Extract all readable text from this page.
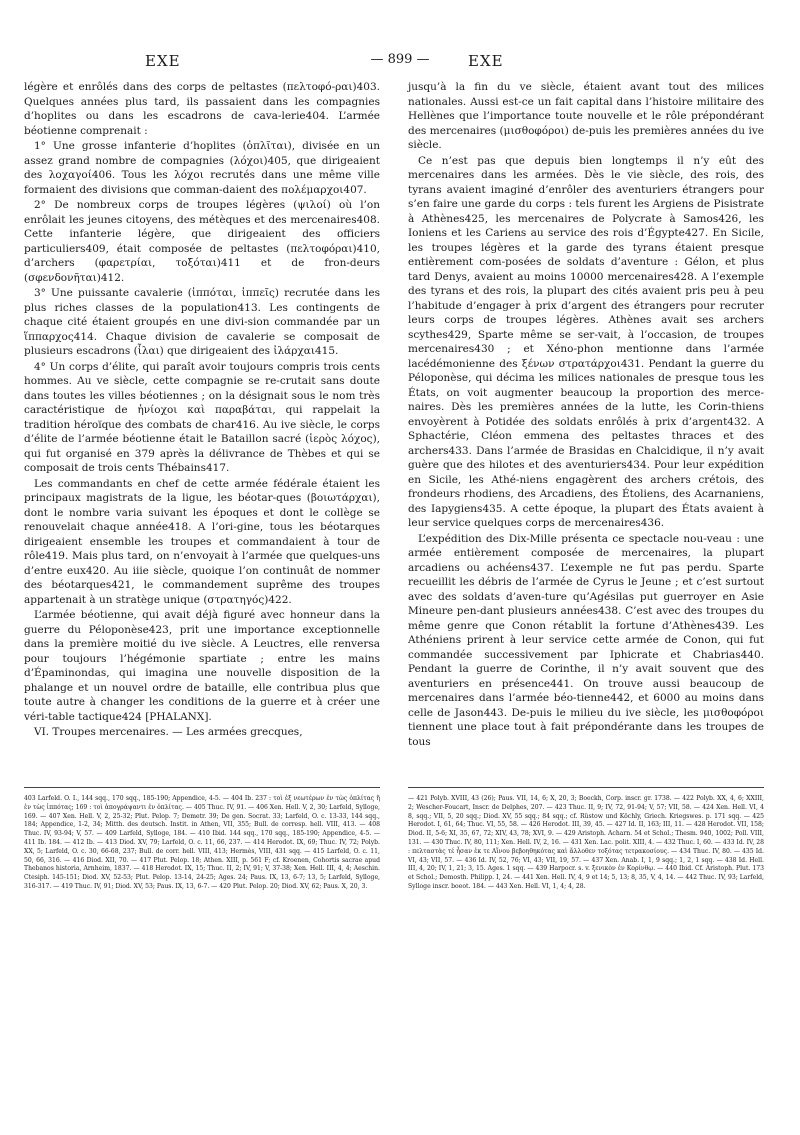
EXE	— 899 —	EXE

légère et enrôlés dans des corps de peltastes (πελτοφό-ραι)403. Quelques années plus tard, ils passaient dans les compagnies d’hoplites ou dans les escadrons de cava-lerie404. L’armée béotienne comprenait :

1° Une grosse infanterie d’hoplites (ὁπλῖται), divisée en un assez grand nombre de compagnies (λόχοι)405, que dirigeaient des λοχαγοί406. Tous les λόχοι recrutés dans une même ville formaient des divisions que comman-daient des πολέμαρχοι407.

2° De nombreux corps de troupes légères (ψιλοί) où l’on enrôlait les jeunes citoyens, des métèques et des mercenaires408. Cette infanterie légère, que dirigeaient des officiers particuliers409, était composée de peltastes (πελτοφόραι)410, d’archers (φαρετρίαι, τοξόται)411 et de fron-deurs (σφενδονῆται)412.

3° Une puissante cavalerie (ἱππόται, ἱππεῖς) recrutée dans les plus riches classes de la population413. Les contingents de chaque cité étaient groupés en une divi-sion commandée par un ἵππαρχος414. Chaque division de cavalerie se composait de plusieurs escadrons (ἶλαι) que dirigeaient des ἰλάρχαι415.

4° Un corps d’élite, qui paraît avoir toujours compris trois cents hommes. Au ve siècle, cette compagnie se re-crutait sans doute dans toutes les villes béotiennes ; on la désignait sous le nom très caractéristique de ἡνίοχοι καὶ παραβάται, qui rappelait la tradition héroïque des combats de char416. Au ive siècle, le corps d’élite de l’armée béotienne était le Bataillon sacré (ἱερὸς λόχος), qui fut organisé en 379 après la délivrance de Thèbes et qui se composait de trois cents Thébains417.

Les commandants en chef de cette armée fédérale étaient les principaux magistrats de la ligue, les béotar-ques (βοιωτάρχαι), dont le nombre varia suivant les époques et dont le collège se renouvelait chaque année418. A l’ori-gine, tous les béotarques dirigeaient ensemble les troupes et commandaient à tour de rôle419. Mais plus tard, on n’envoyait à l’armée que quelques-uns d’entre eux420. Au iiie siècle, quoique l’on continuât de nommer des béotarques421, le commandement suprême des troupes appartenait à un stratège unique (στρατηγός)422.

L’armée béotienne, qui avait déjà figuré avec honneur dans la guerre du Péloponèse423, prit une importance exceptionnelle dans la première moitié du ive siècle. A Leuctres, elle renversa pour toujours l’hégémonie spartiate ; entre les mains d’Épaminondas, qui imagina une nouvelle disposition de la phalange et un nouvel ordre de bataille, elle contribua plus que toute autre à changer les conditions de la guerre et à créer une véri-table tactique424 [PHALANX].

VI. Troupes mercenaires. — Les armées grecques,

jusqu’à la fin du ve siècle, étaient avant tout des milices nationales. Aussi est-ce un fait capital dans l’histoire militaire des Hellènes que l’importance toute nouvelle et le rôle prépondérant des mercenaires (μισθοφόροι) de-puis les premières années du ive siècle.

Ce n’est pas que depuis bien longtemps il n’y eût des mercenaires dans les armées. Dès le vie siècle, des rois, des tyrans avaient imaginé d’enrôler des aventuriers étrangers pour s’en faire une garde du corps : tels furent les Argiens de Pisistrate à Athènes425, les mercenaires de Polycrate à Samos426, les Ioniens et les Cariens au service des rois d’Égypte427. En Sicile, les troupes légères et la garde des tyrans étaient presque entièrement com-posées de soldats d’aventure : Gélon, et plus tard Denys, avaient au moins 10000 mercenaires428. A l’exemple des tyrans et des rois, la plupart des cités avaient pris peu à peu l’habitude d’engager à prix d’argent des étrangers pour recruter leurs corps de troupes légères. Athènes avait ses archers scythes429, Sparte même se ser-vait, à l’occasion, de troupes mercenaires430 ; et Xéno-phon mentionne dans l’armée lacédémonienne des ξένων στρατάρχοι431. Pendant la guerre du Péloponèse, qui décima les milices nationales de presque tous les États, on voit augmenter beaucoup la proportion des merce-naires. Dès les premières années de la lutte, les Corin-thiens envoyèrent à Potidée des soldats enrôlés à prix d’argent432. A Sphactérie, Cléon emmena des peltastes thraces et des archers433. Dans l’armée de Brasidas en Chalcidique, il n’y avait guère que des hilotes et des aventuriers434. Pour leur expédition en Sicile, les Athé-niens engagèrent des archers crétois, des frondeurs rhodiens, des Arcadiens, des Étoliens, des Acarnaniens, des Iapygiens435. A cette époque, la plupart des États avaient à leur service quelques corps de mercenaires436.

L’expédition des Dix-Mille présenta ce spectacle nou-veau : une armée entièrement composée de mercenaires, la plupart arcadiens ou achéens437. L’exemple ne fut pas perdu. Sparte recueillit les débris de l’armée de Cyrus le Jeune ; et c’est surtout avec des soldats d’aven-ture qu’Agésilas put guerroyer en Asie Mineure pen-dant plusieurs années438. C’est avec des troupes du même genre que Conon rétablit la fortune d’Athènes439. Les Athéniens prirent à leur service cette armée de Conon, qui fut commandée successivement par Iphicrate et Chabrias440. Pendant la guerre de Corinthe, il n’y avait souvent que des aventuriers en présence441. On trouve aussi beaucoup de mercenaires dans l’armée béo-tienne442, et 6000 au moins dans celle de Jason443. De-puis le milieu du ive siècle, les μισθοφόροι tiennent une place tout à fait prépondérante dans les troupes de tous

403 Larfeld. O. I., 144 sqq., 170 sqq., 185-190; Appendice, 4-5. — 404 Ib. 237 : τοὶ ἐξ νεωτέρων ἐν τὼς ὁπλίτας ἢ ἐν τὼς ἱππότας; 169 : τοὶ ἀπογράψαντι ἐν ὁπλίτας. — 405 Thuc. IV, 91. — 406 Xen. Hell. V, 2, 30; Larfeld, Sylloge, 169. — 407 Xen. Hell. V, 2, 25-32; Plut. Pelop. 7; Demetr. 39; De gen. Socrat. 33; Larfeld, O. c. 13-33, 144 sqq., 184; Appendice, 1-2, 34; Mitth. des deutsch. Instit. in Athen, VII, 355; Bull. de corresp. hell. VIII, 413. — 408 Thuc. IV, 93-94; V, 57. — 409 Larfeld, Sylloge, 184. — 410 Ibid. 144 sqq., 170 sqq., 185-190; Appendice, 4-5. — 411 Ib. 184. — 412 Ib. — 413 Diod. XV, 79; Larfeld, O. c. 11, 66, 237. — 414 Herodot. IX, 69; Thuc. IV, 72; Polyb. XX, 5; Larfeld, O. c. 30, 66-68, 237; Bull. de corr. hell. VIII, 413; Hermès, VIII, 431 sqq. — 415 Larfeld, O. c. 11, 50, 66, 316. — 416 Diod. XII, 70. — 417 Plut. Pelop. 18; Athen. XIII, p. 561 F; cf. Kroenen, Cohortis sacrae apud Thebanos historia, Arnheim, 1837. — 418 Herodot. IX, 15; Thuc. II, 2; IV, 91; V, 37-38; Xen. Hell. III, 4, 4; Aeschin. Ctesiph. 145-151; Diod. XV, 52-53; Plut. Pelop. 13-14, 24-25; Ages. 24; Paus. IX, 13, 6-7; 13, 5; Larfeld, Sylloge, 316-317. — 419 Thuc. IV, 91; Diod. XV, 53; Paus. IX, 13, 6-7. — 420 Plut. Pelop. 20; Diod. XV, 62; Paus. X, 20, 3.
— 421 Polyb. XVIII, 43 (26); Paus. VII, 14, 6; X, 20, 3; Boeckh, Corp. inscr. gr. 1738. — 422 Polyb. XX, 4, 6; XXIII, 2; Wescher-Foucart, Inscr. de Delphes, 207. — 423 Thuc. II, 9; IV, 72, 91-94; V, 57; VII, 58. — 424 Xen. Hell. VI, 4 8, sqq.; VII, 5, 20 sqq.; Diod. XV, 55 sqq.; 84 sqq.; cf. Rüstow und Köchly, Griech. Kriegswes. p. 171 sqq. — 425 Herodot. I, 61, 64; Thuc. VI, 55, 58. — 426 Herodot. III, 39, 45. — 427 Id. II, 163; III, 11. — 428 Herodot. VII, 158; Diod. II, 5-6; XI, 35, 67, 72; XIV, 43, 78; XVI, 9. — 429 Aristoph. Acharn. 54 et Schol.; Thesm. 940, 1002; Poll. VIII, 131. — 430 Thuc. IV, 80, 111; Xen. Hell. IV, 2, 16. — 431 Xen. Lac. polit. XIII, 4. — 432 Thuc. I, 60. — 433 Id. IV, 28 : πελταστὰς τέ ἦσαν ἐκ τε Αἴνου βεβοηθηκότας καὶ ἄλλοθεν τοξότας τετρακοσίους. — 434 Thuc. IV, 80. — 435 Id. VI, 43; VII, 57. — 436 Id. IV, 52, 76; VI, 43; VII, 19, 57. — 437 Xen. Anab. I, 1, 9 sqq.; 1, 2, 1 sqq. — 438 Id. Hell. III, 4, 20; IV, 1, 21; 3, 15. Ages. 1 sqq. — 439 Harpocr. s. v. ξενικὸν ἐν Κορίνθῳ. — 440 Ibid. Cf. Aristoph. Plut. 173 et Schol.; Demosth. Philipp. I, 24. — 441 Xen. Hell. IV, 4, 9 et 14; 5, 13; 8, 35, V, 4, 14. — 442 Thuc. IV, 93; Larfeld, Sylloge inscr. boeot. 184. — 443 Xen. Hell. VI, 1, 4; 4, 28.
